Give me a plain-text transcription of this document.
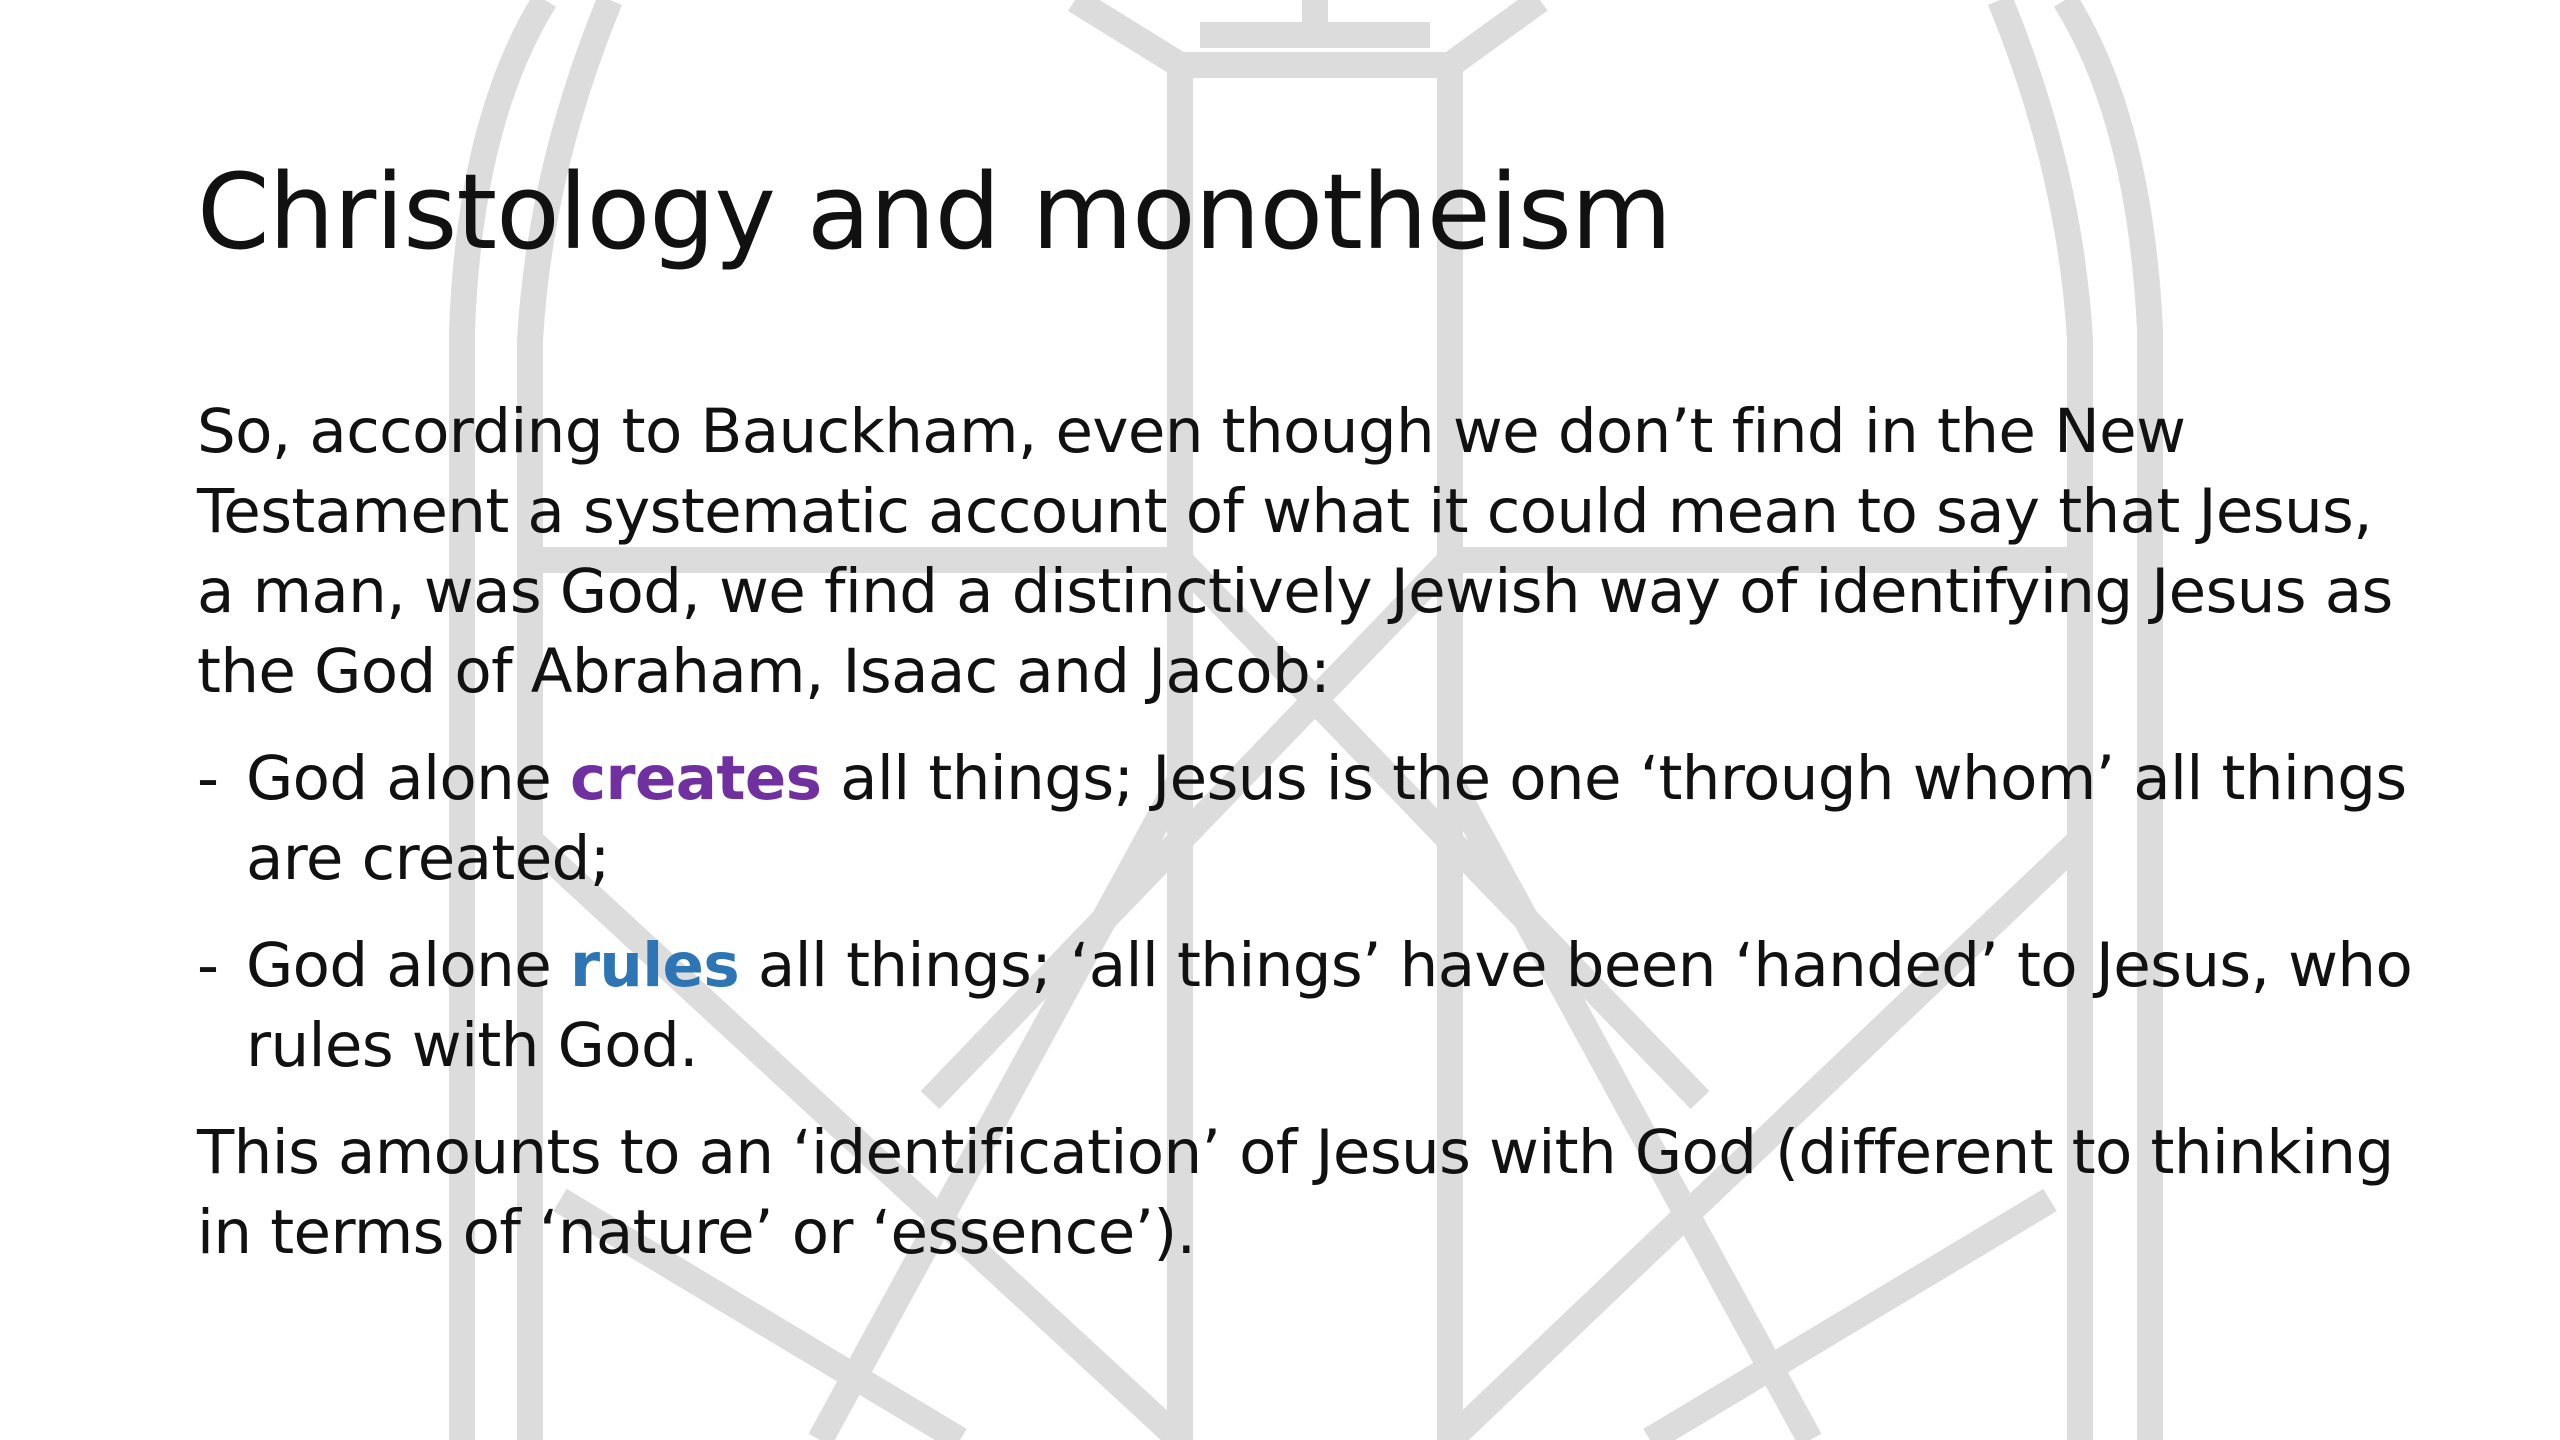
Christology and monotheism

So, according to Bauckham, even though we don’t find in the New Testament a systematic account of what it could mean to say that Jesus, a man, was God, we find a distinctively Jewish way of identifying Jesus as the God of Abraham, Isaac and Jacob:

- God alone creates all things; Jesus is the one ‘through whom’ all things are created;
- God alone rules all things; ‘all things’ have been ‘handed’ to Jesus, who rules with God.

This amounts to an ‘identification’ of Jesus with God (different to thinking in terms of ‘nature’ or ‘essence’).
